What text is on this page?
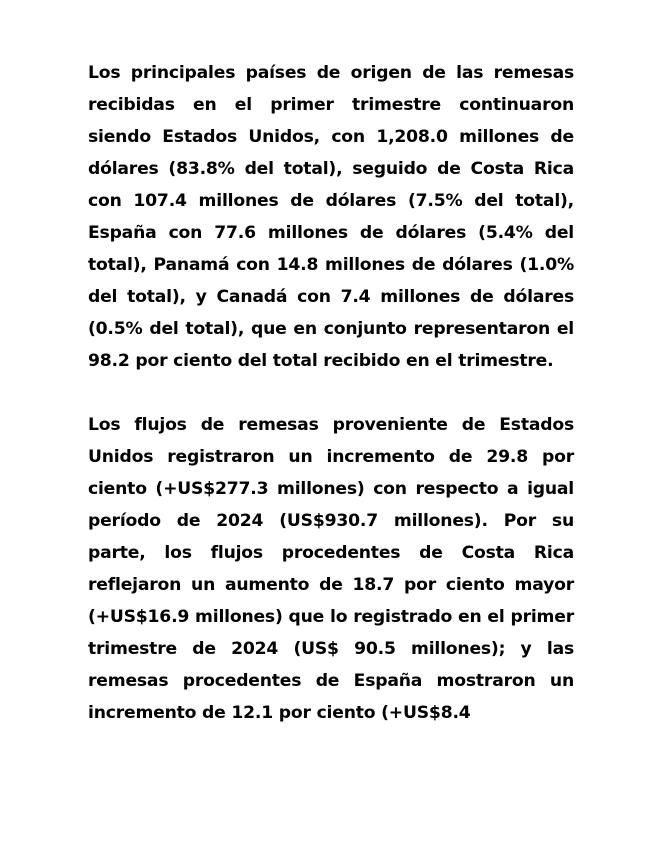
Los principales países de origen de las remesas recibidas en el primer trimestre continuaron siendo Estados Unidos, con 1,208.0 millones de dólares (83.8% del total), seguido de Costa Rica con 107.4 millones de dólares (7.5% del total), España con 77.6 millones de dólares (5.4% del total), Panamá con 14.8 millones de dólares (1.0% del total), y Canadá con 7.4 millones de dólares (0.5% del total), que en conjunto representaron el 98.2 por ciento del total recibido en el trimestre.

Los flujos de remesas proveniente de Estados Unidos registraron un incremento de 29.8 por ciento (+US$277.3 millones) con respecto a igual período de 2024 (US$930.7 millones). Por su parte, los flujos procedentes de Costa Rica reflejaron un aumento de 18.7 por ciento mayor (+US$16.9 millones) que lo registrado en el primer trimestre de 2024 (US$ 90.5 millones); y las remesas procedentes de España mostraron un incremento de 12.1 por ciento (+US$8.4
